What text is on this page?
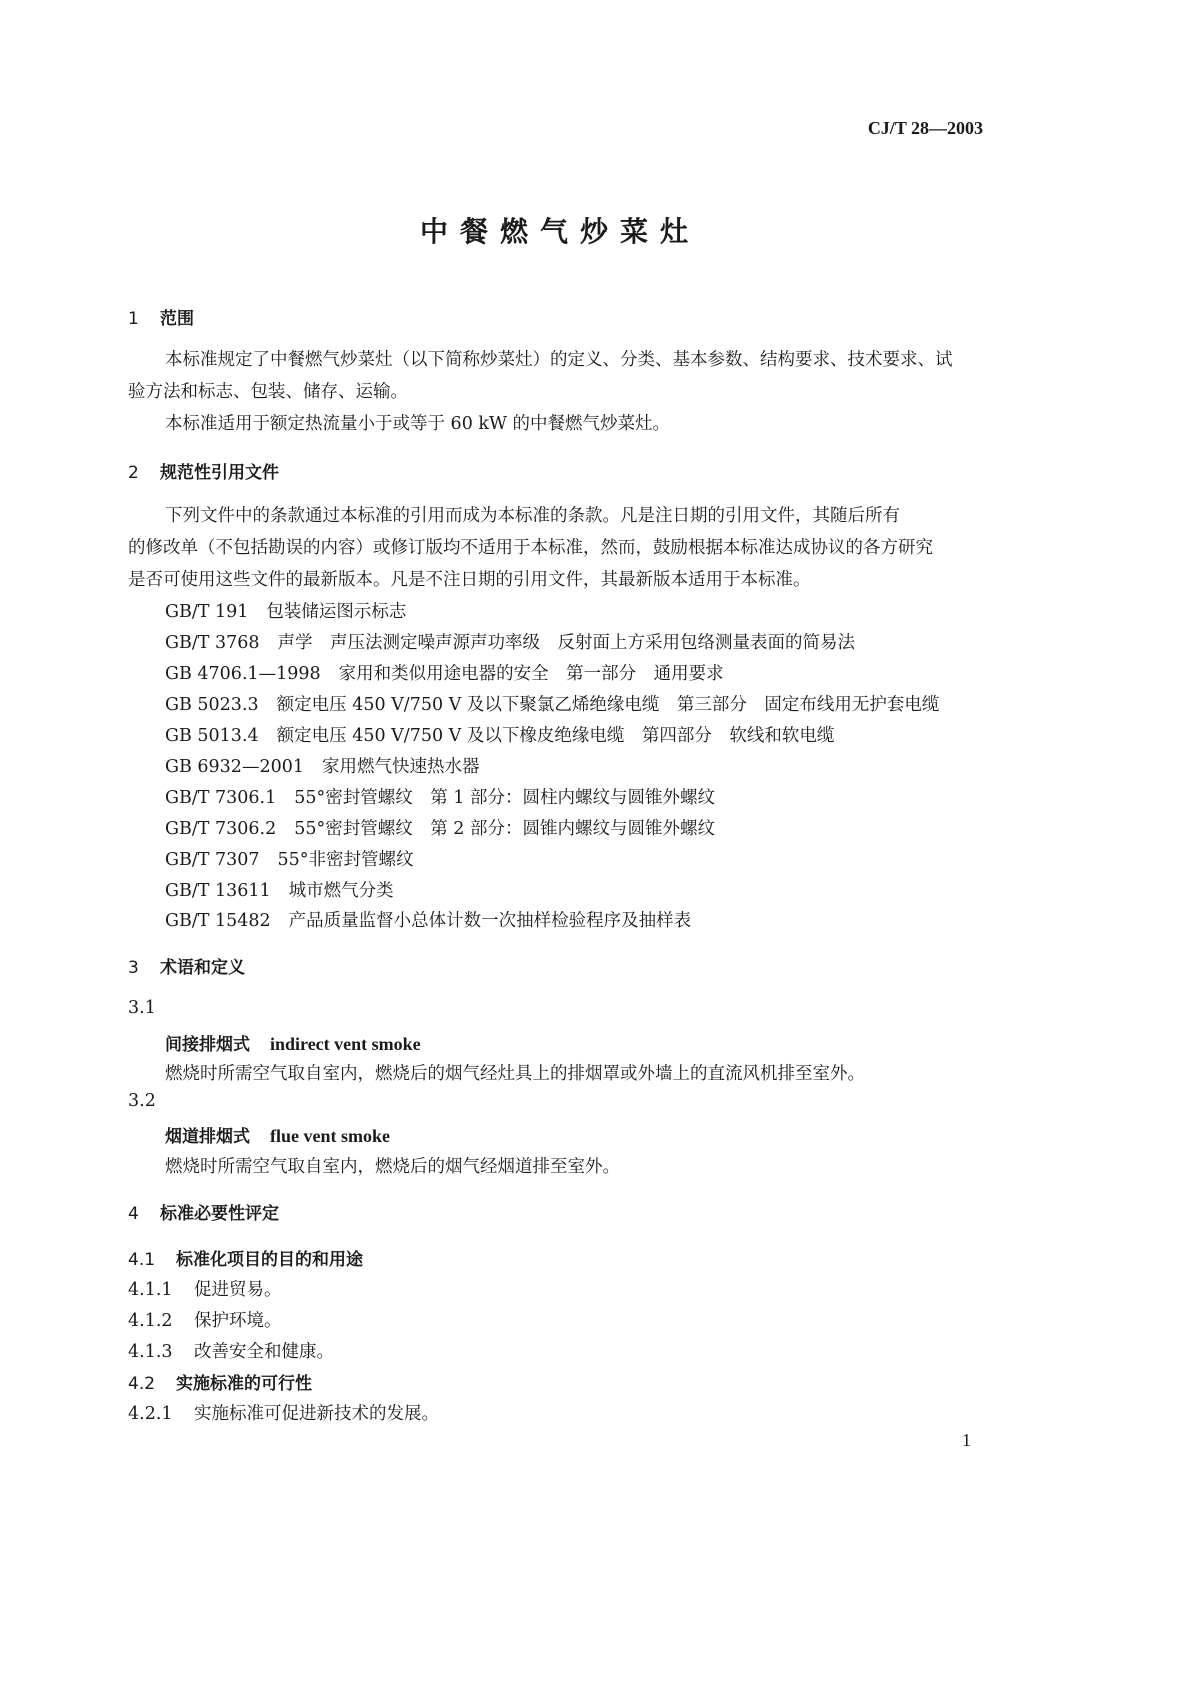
CJ/T 28—2003
中餐燃气炒菜灶
1 范围
本标准规定了中餐燃气炒菜灶（以下简称炒菜灶）的定义、分类、基本参数、结构要求、技术要求、试
验方法和标志、包装、储存、运输。
本标准适用于额定热流量小于或等于 60 kW 的中餐燃气炒菜灶。
2 规范性引用文件
下列文件中的条款通过本标准的引用而成为本标准的条款。凡是注日期的引用文件，其随后所有
的修改单（不包括勘误的内容）或修订版均不适用于本标准，然而，鼓励根据本标准达成协议的各方研究
是否可使用这些文件的最新版本。凡是不注日期的引用文件，其最新版本适用于本标准。
GB/T 191 包装储运图示标志
GB/T 3768 声学　声压法测定噪声源声功率级　反射面上方采用包络测量表面的简易法
GB 4706.1—1998 家用和类似用途电器的安全　第一部分　通用要求
GB 5023.3 额定电压 450 V/750 V 及以下聚氯乙烯绝缘电缆　第三部分　固定布线用无护套电缆
GB 5013.4 额定电压 450 V/750 V 及以下橡皮绝缘电缆　第四部分　软线和软电缆
GB 6932—2001 家用燃气快速热水器
GB/T 7306.1 55°密封管螺纹　第 1 部分：圆柱内螺纹与圆锥外螺纹
GB/T 7306.2 55°密封管螺纹　第 2 部分：圆锥内螺纹与圆锥外螺纹
GB/T 7307 55°非密封管螺纹
GB/T 13611 城市燃气分类
GB/T 15482 产品质量监督小总体计数一次抽样检验程序及抽样表
3 术语和定义
3.1
间接排烟式 indirect vent smoke
燃烧时所需空气取自室内，燃烧后的烟气经灶具上的排烟罩或外墙上的直流风机排至室外。
3.2
烟道排烟式 flue vent smoke
燃烧时所需空气取自室内，燃烧后的烟气经烟道排至室外。
4 标准必要性评定
4.1 标准化项目的目的和用途
4.1.1 促进贸易。
4.1.2 保护环境。
4.1.3 改善安全和健康。
4.2 实施标准的可行性
4.2.1 实施标准可促进新技术的发展。
1
